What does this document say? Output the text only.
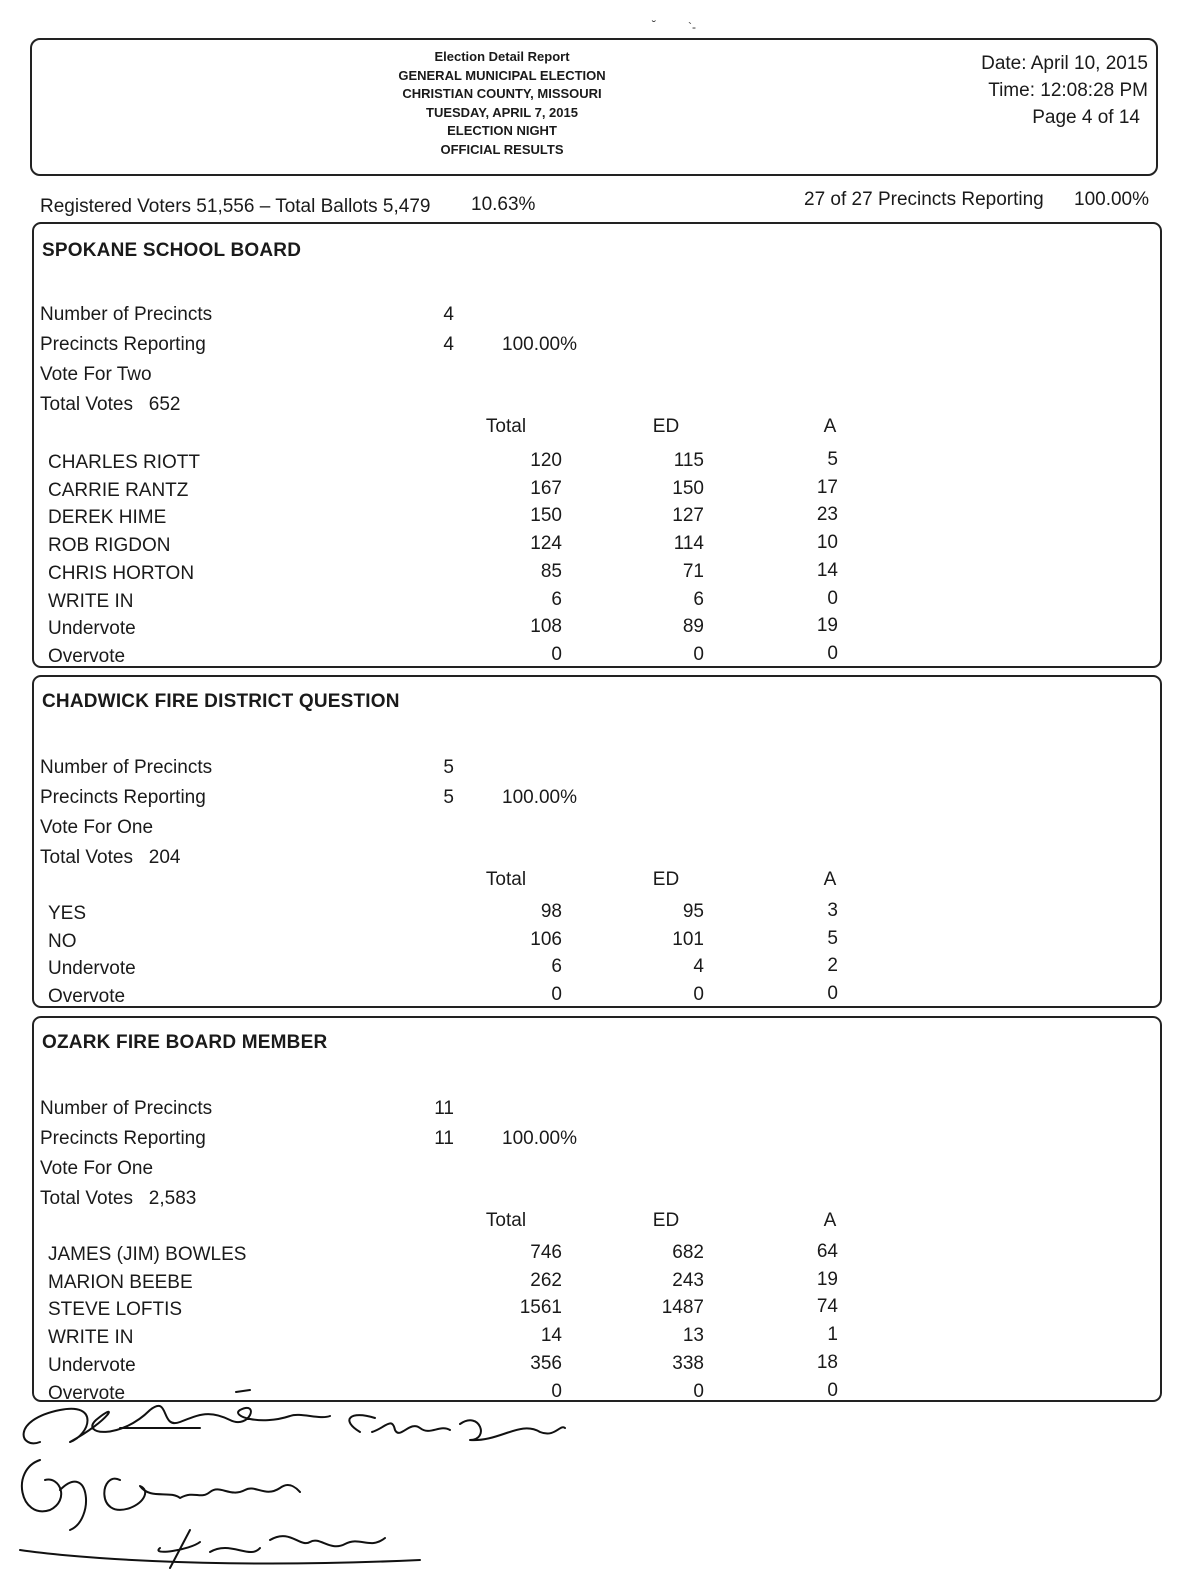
Election Detail Report
GENERAL MUNICIPAL ELECTION
CHRISTIAN COUNTY, MISSOURI
TUESDAY, APRIL 7, 2015
ELECTION NIGHT
OFFICIAL RESULTS
Date: April 10, 2015
Time: 12:08:28 PM
Page 4 of 14
Registered Voters 51,556 – Total Ballots 5,479 10.63%	27 of 27 Precincts Reporting 100.00%
SPOKANE SCHOOL BOARD
Number of Precincts	4
Precincts Reporting	4	100.00%
Vote For Two
Total Votes   652
Total	ED	A
CHARLES RIOTT	120	115	5
CARRIE RANTZ	167	150	17
DEREK HIME	150	127	23
ROB RIGDON	124	114	10
CHRIS HORTON	85	71	14
WRITE IN	6	6	0
Undervote	108	89	19
Overvote	0	0	0
CHADWICK FIRE DISTRICT QUESTION
Number of Precincts	5
Precincts Reporting	5	100.00%
Vote For One
Total Votes   204
Total	ED	A
YES	98	95	3
NO	106	101	5
Undervote	6	4	2
Overvote	0	0	0
OZARK FIRE BOARD MEMBER
Number of Precincts	11
Precincts Reporting	11	100.00%
Vote For One
Total Votes   2,583
Total	ED	A
JAMES (JIM) BOWLES	746	682	64
MARION BEEBE	262	243	19
STEVE LOFTIS	1561	1487	74
WRITE IN	14	13	1
Undervote	356	338	18
Overvote	0	0	0
˘	`-
